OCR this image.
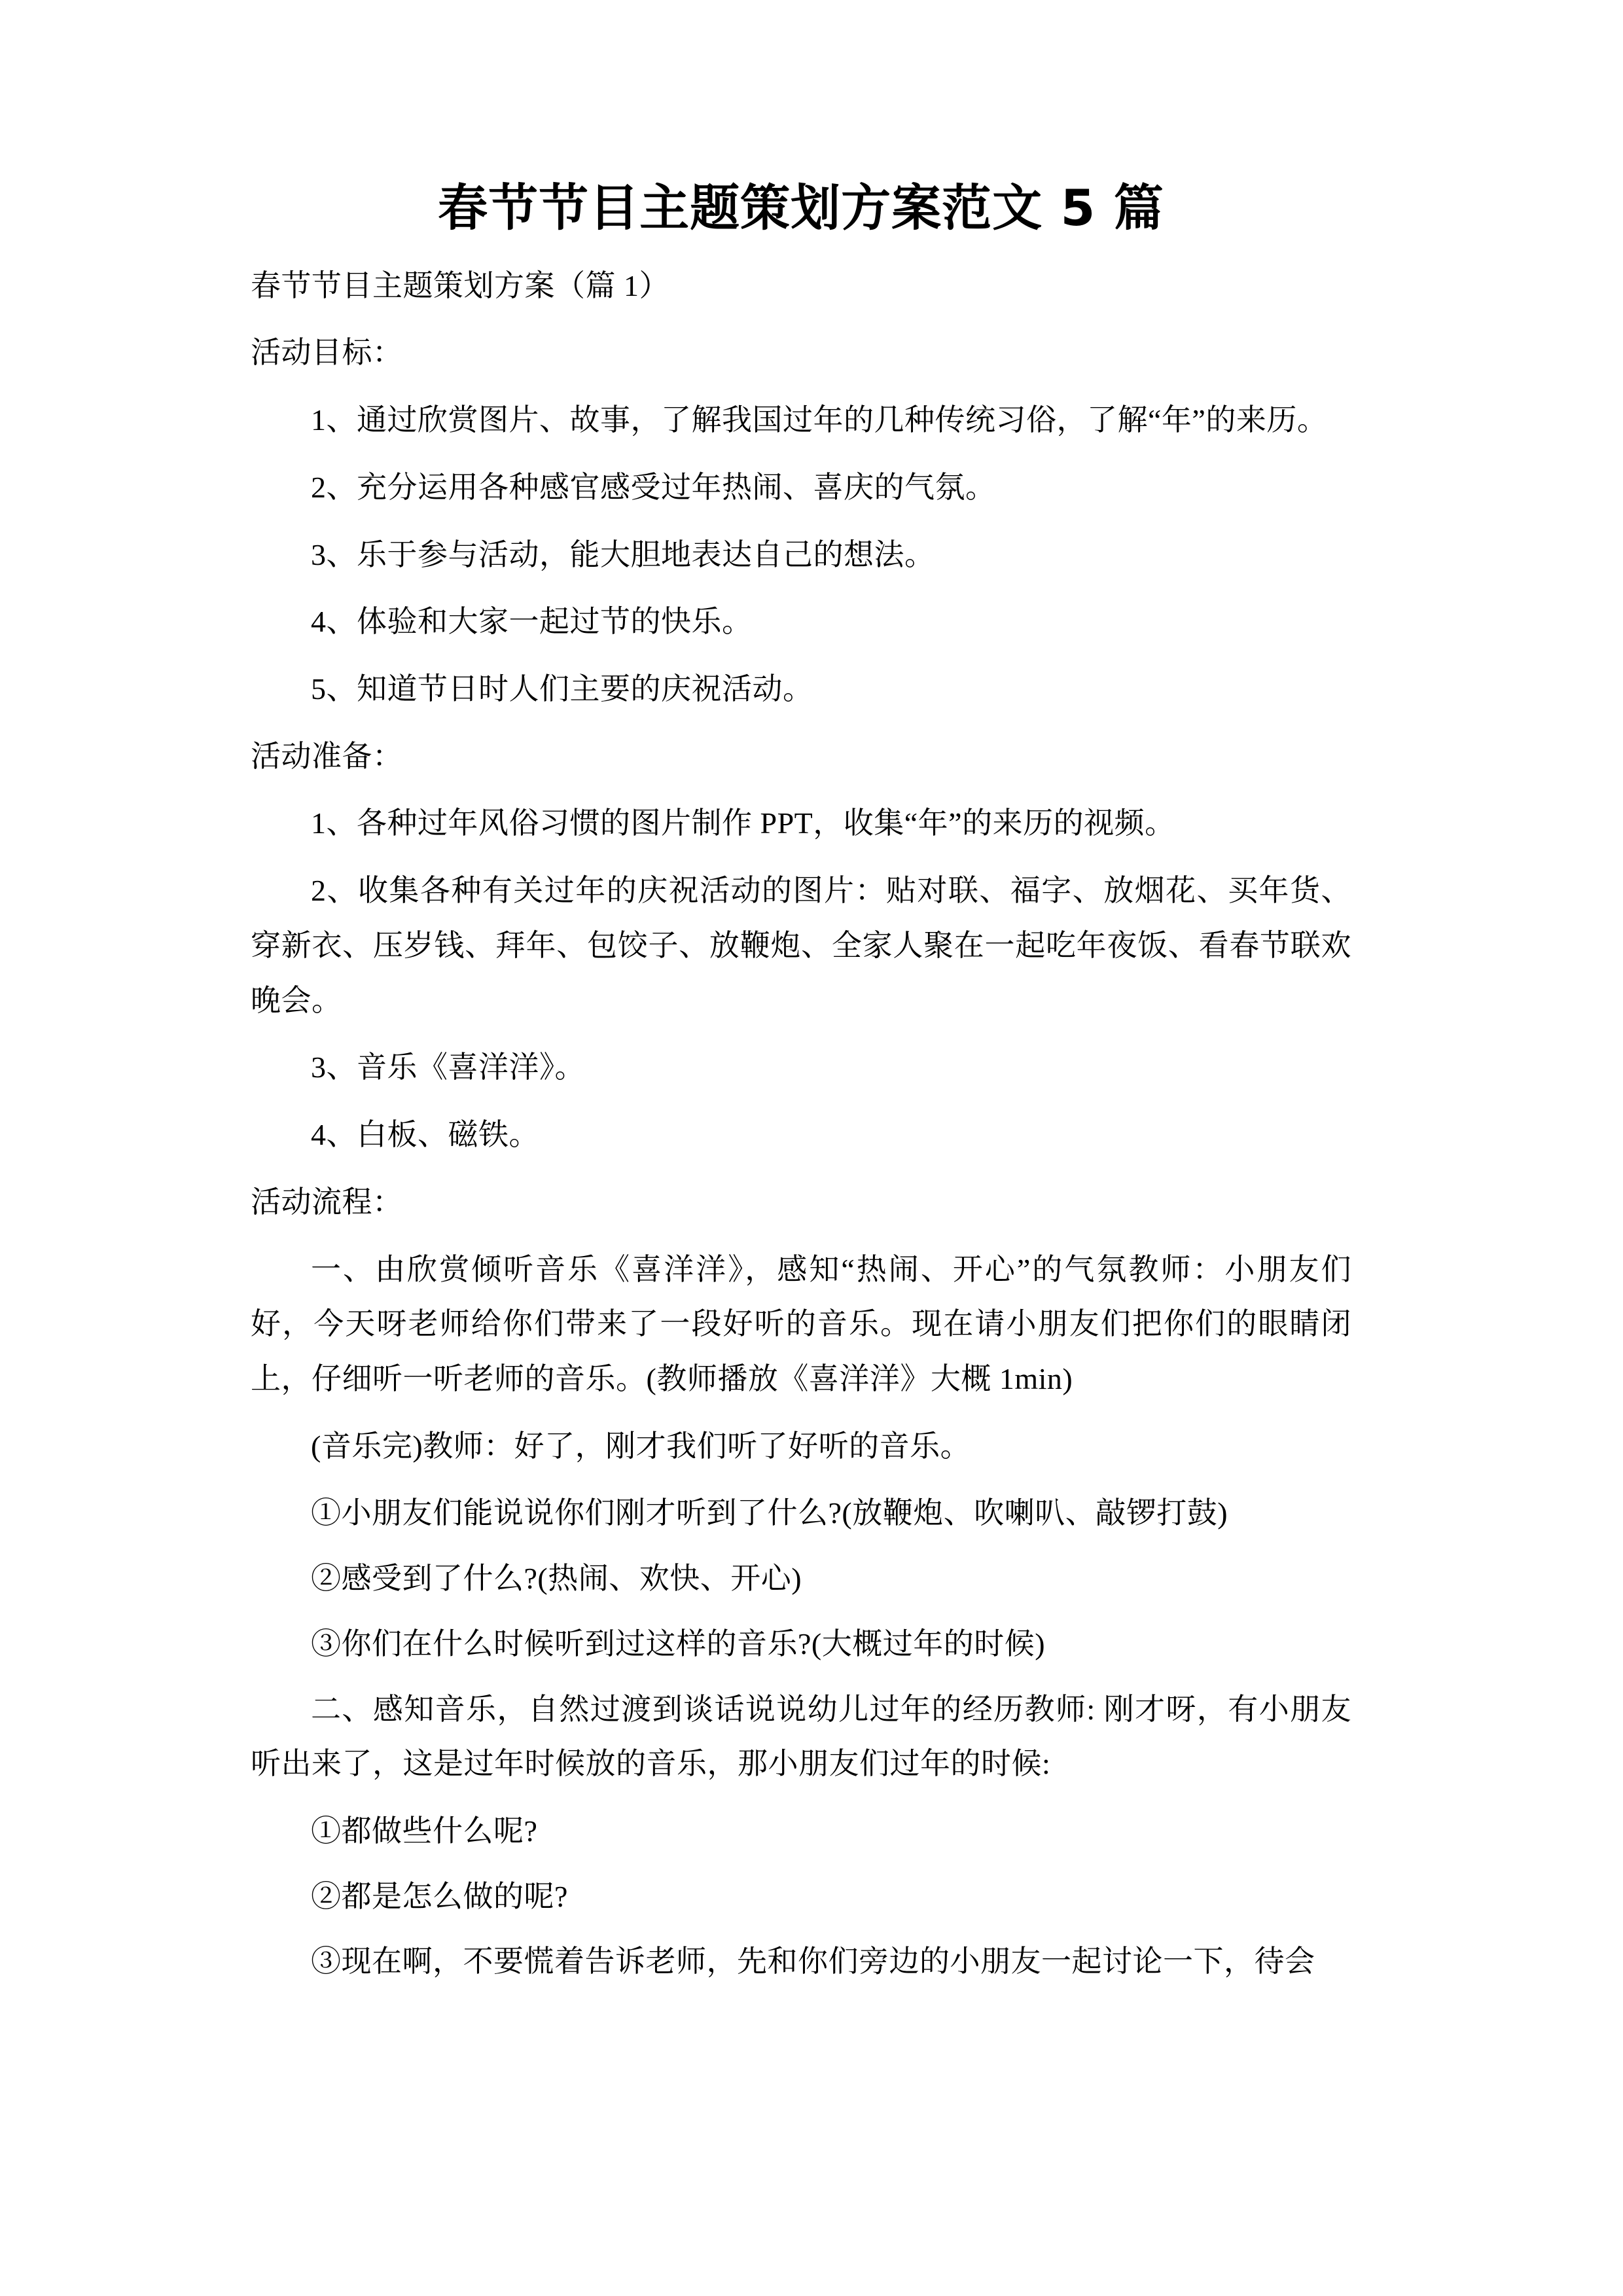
春节节目主题策划方案范文 5 篇

春节节目主题策划方案（篇 1）

活动目标：

1、通过欣赏图片、故事，了解我国过年的几种传统习俗，了解“年”的来历。

2、充分运用各种感官感受过年热闹、喜庆的气氛。

3、乐于参与活动，能大胆地表达自己的想法。

4、体验和大家一起过节的快乐。

5、知道节日时人们主要的庆祝活动。

活动准备：

1、各种过年风俗习惯的图片制作 PPT，收集“年”的来历的视频。

2、收集各种有关过年的庆祝活动的图片：贴对联、福字、放烟花、买年货、穿新衣、压岁钱、拜年、包饺子、放鞭炮、全家人聚在一起吃年夜饭、看春节联欢晚会。

3、音乐《喜洋洋》。

4、白板、磁铁。

活动流程：

一、由欣赏倾听音乐《喜洋洋》，感知“热闹、开心”的气氛教师：小朋友们好，今天呀老师给你们带来了一段好听的音乐。现在请小朋友们把你们的眼睛闭上，仔细听一听老师的音乐。(教师播放《喜洋洋》大概 1min)

(音乐完)教师：好了，刚才我们听了好听的音乐。

①小朋友们能说说你们刚才听到了什么?(放鞭炮、吹喇叭、敲锣打鼓)

②感受到了什么?(热闹、欢快、开心)

③你们在什么时候听到过这样的音乐?(大概过年的时候)

二、感知音乐，自然过渡到谈话说说幼儿过年的经历教师: 刚才呀，有小朋友听出来了，这是过年时候放的音乐，那小朋友们过年的时候:

①都做些什么呢?

②都是怎么做的呢?

③现在啊，不要慌着告诉老师，先和你们旁边的小朋友一起讨论一下，待会
